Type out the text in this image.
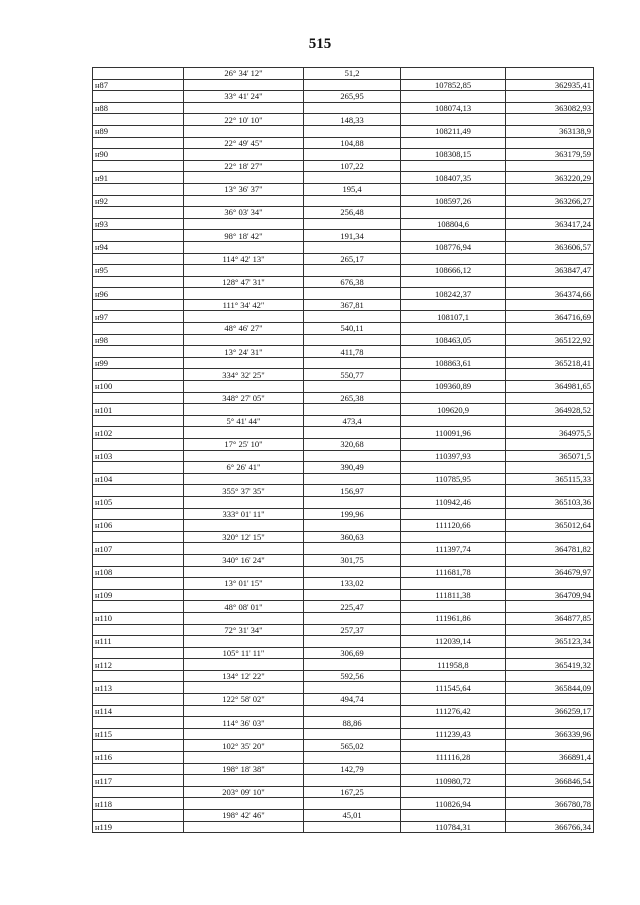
515
	26° 34' 12"	51,2		
н87			107852,85	362935,41
	33° 41' 24"	265,95		
н88			108074,13	363082,93
	22° 10' 10"	148,33		
н89			108211,49	363138,9
	22° 49' 45"	104,88		
н90			108308,15	363179,59
	22° 18' 27"	107,22		
н91			108407,35	363220,29
	13° 36' 37"	195,4		
н92			108597,26	363266,27
	36° 03' 34"	256,48		
н93			108804,6	363417,24
	98° 18' 42"	191,34		
н94			108776,94	363606,57
	114° 42' 13"	265,17		
н95			108666,12	363847,47
	128° 47' 31"	676,38		
н96			108242,37	364374,66
	111° 34' 42"	367,81		
н97			108107,1	364716,69
	48° 46' 27"	540,11		
н98			108463,05	365122,92
	13° 24' 31"	411,78		
н99			108863,61	365218,41
	334° 32' 25"	550,77		
н100			109360,89	364981,65
	348° 27' 05"	265,38		
н101			109620,9	364928,52
	5° 41' 44"	473,4		
н102			110091,96	364975,5
	17° 25' 10"	320,68		
н103			110397,93	365071,5
	6° 26' 41"	390,49		
н104			110785,95	365115,33
	355° 37' 35"	156,97		
н105			110942,46	365103,36
	333° 01' 11"	199,96		
н106			111120,66	365012,64
	320° 12' 15"	360,63		
н107			111397,74	364781,82
	340° 16' 24"	301,75		
н108			111681,78	364679,97
	13° 01' 15"	133,02		
н109			111811,38	364709,94
	48° 08' 01"	225,47		
н110			111961,86	364877,85
	72° 31' 34"	257,37		
н111			112039,14	365123,34
	105° 11' 11"	306,69		
н112			111958,8	365419,32
	134° 12' 22"	592,56		
н113			111545,64	365844,09
	122° 58' 02"	494,74		
н114			111276,42	366259,17
	114° 36' 03"	88,86		
н115			111239,43	366339,96
	102° 35' 20"	565,02		
н116			111116,28	366891,4
	198° 18' 38"	142,79		
н117			110980,72	366846,54
	203° 09' 10"	167,25		
н118			110826,94	366780,78
	198° 42' 46"	45,01		
н119			110784,31	366766,34
